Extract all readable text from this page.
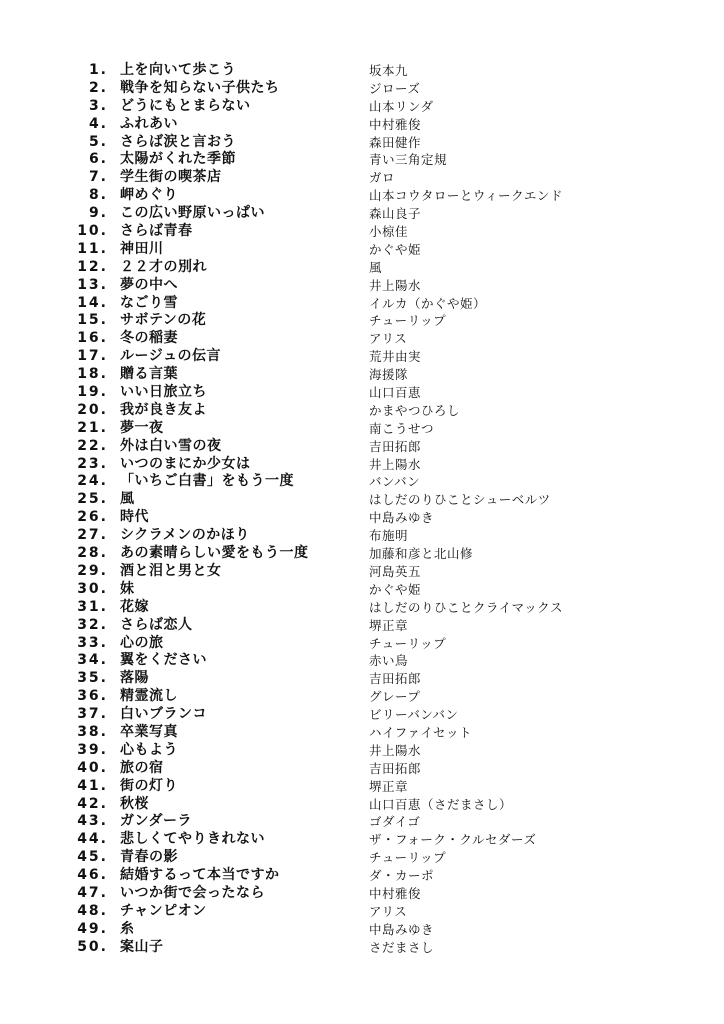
1. 上を向いて歩こう	坂本九
2. 戦争を知らない子供たち	ジローズ
3. どうにもとまらない	山本リンダ
4. ふれあい	中村雅俊
5. さらば涙と言おう	森田健作
6. 太陽がくれた季節	青い三角定規
7. 学生街の喫茶店	ガロ
8. 岬めぐり	山本コウタローとウィークエンド
9. この広い野原いっぱい	森山良子
10. さらば青春	小椋佳
11. 神田川	かぐや姫
12. ２２才の別れ	風
13. 夢の中へ	井上陽水
14. なごり雪	イルカ（かぐや姫）
15. サボテンの花	チューリップ
16. 冬の稲妻	アリス
17. ルージュの伝言	荒井由実
18. 贈る言葉	海援隊
19. いい日旅立ち	山口百恵
20. 我が良き友よ	かまやつひろし
21. 夢一夜	南こうせつ
22. 外は白い雪の夜	吉田拓郎
23. いつのまにか少女は	井上陽水
24. 「いちご白書」をもう一度	バンバン
25. 風	はしだのりひことシューベルツ
26. 時代	中島みゆき
27. シクラメンのかほり	布施明
28. あの素晴らしい愛をもう一度	加藤和彦と北山修
29. 酒と泪と男と女	河島英五
30. 妹	かぐや姫
31. 花嫁	はしだのりひことクライマックス
32. さらば恋人	堺正章
33. 心の旅	チューリップ
34. 翼をください	赤い鳥
35. 落陽	吉田拓郎
36. 精霊流し	グレープ
37. 白いブランコ	ビリーバンバン
38. 卒業写真	ハイファイセット
39. 心もよう	井上陽水
40. 旅の宿	吉田拓郎
41. 街の灯り	堺正章
42. 秋桜	山口百恵（さだまさし）
43. ガンダーラ	ゴダイゴ
44. 悲しくてやりきれない	ザ・フォーク・クルセダーズ
45. 青春の影	チューリップ
46. 結婚するって本当ですか	ダ・カーポ
47. いつか街で会ったなら	中村雅俊
48. チャンピオン	アリス
49. 糸	中島みゆき
50. 案山子	さだまさし
